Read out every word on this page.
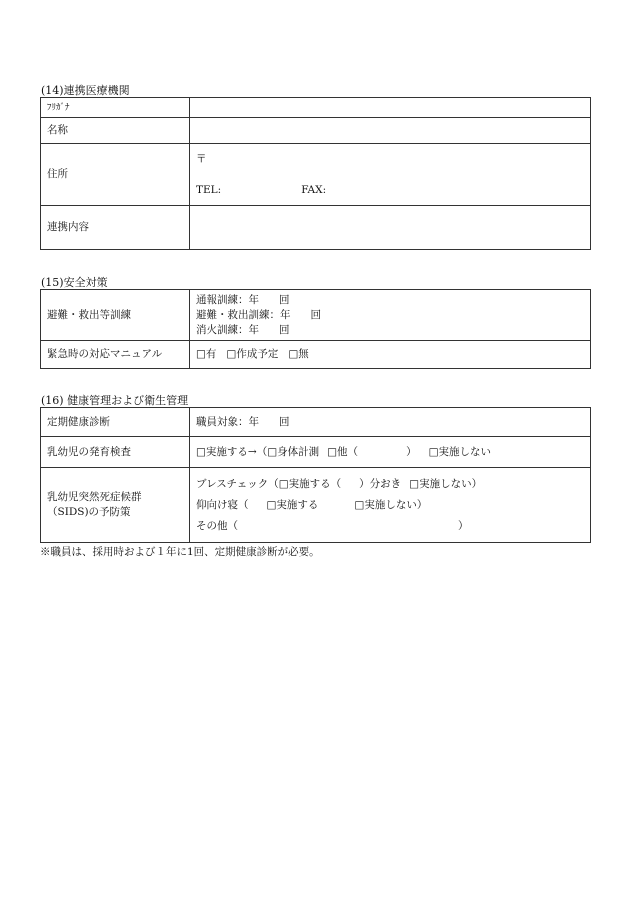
(14)連携医療機関
ﾌﾘｶﾞﾅ	
名称	
住所	〒
TEL: FAX:

連携内容	
(15)安全対策
避難・救出等訓練	通報訓練：年 回
避難・救出訓練：年 回
消火訓練：年 回

緊急時の対応マニュアル	□有 □作成予定 □無
(16) 健康管理および衛生管理
定期健康診断	職員対象：年 回
乳幼児の発育検査	□実施する→（□身体計測 □他（ ） □実施しない

乳幼児突然死症候群
（SIDS)の予防策	ブレスチェック（□実施する（ ）分おき □実施しない）
仰向け寝（ □実施する □実施しない）
その他（ ）
※職員は、採用時および１年に1回、定期健康診断が必要。
